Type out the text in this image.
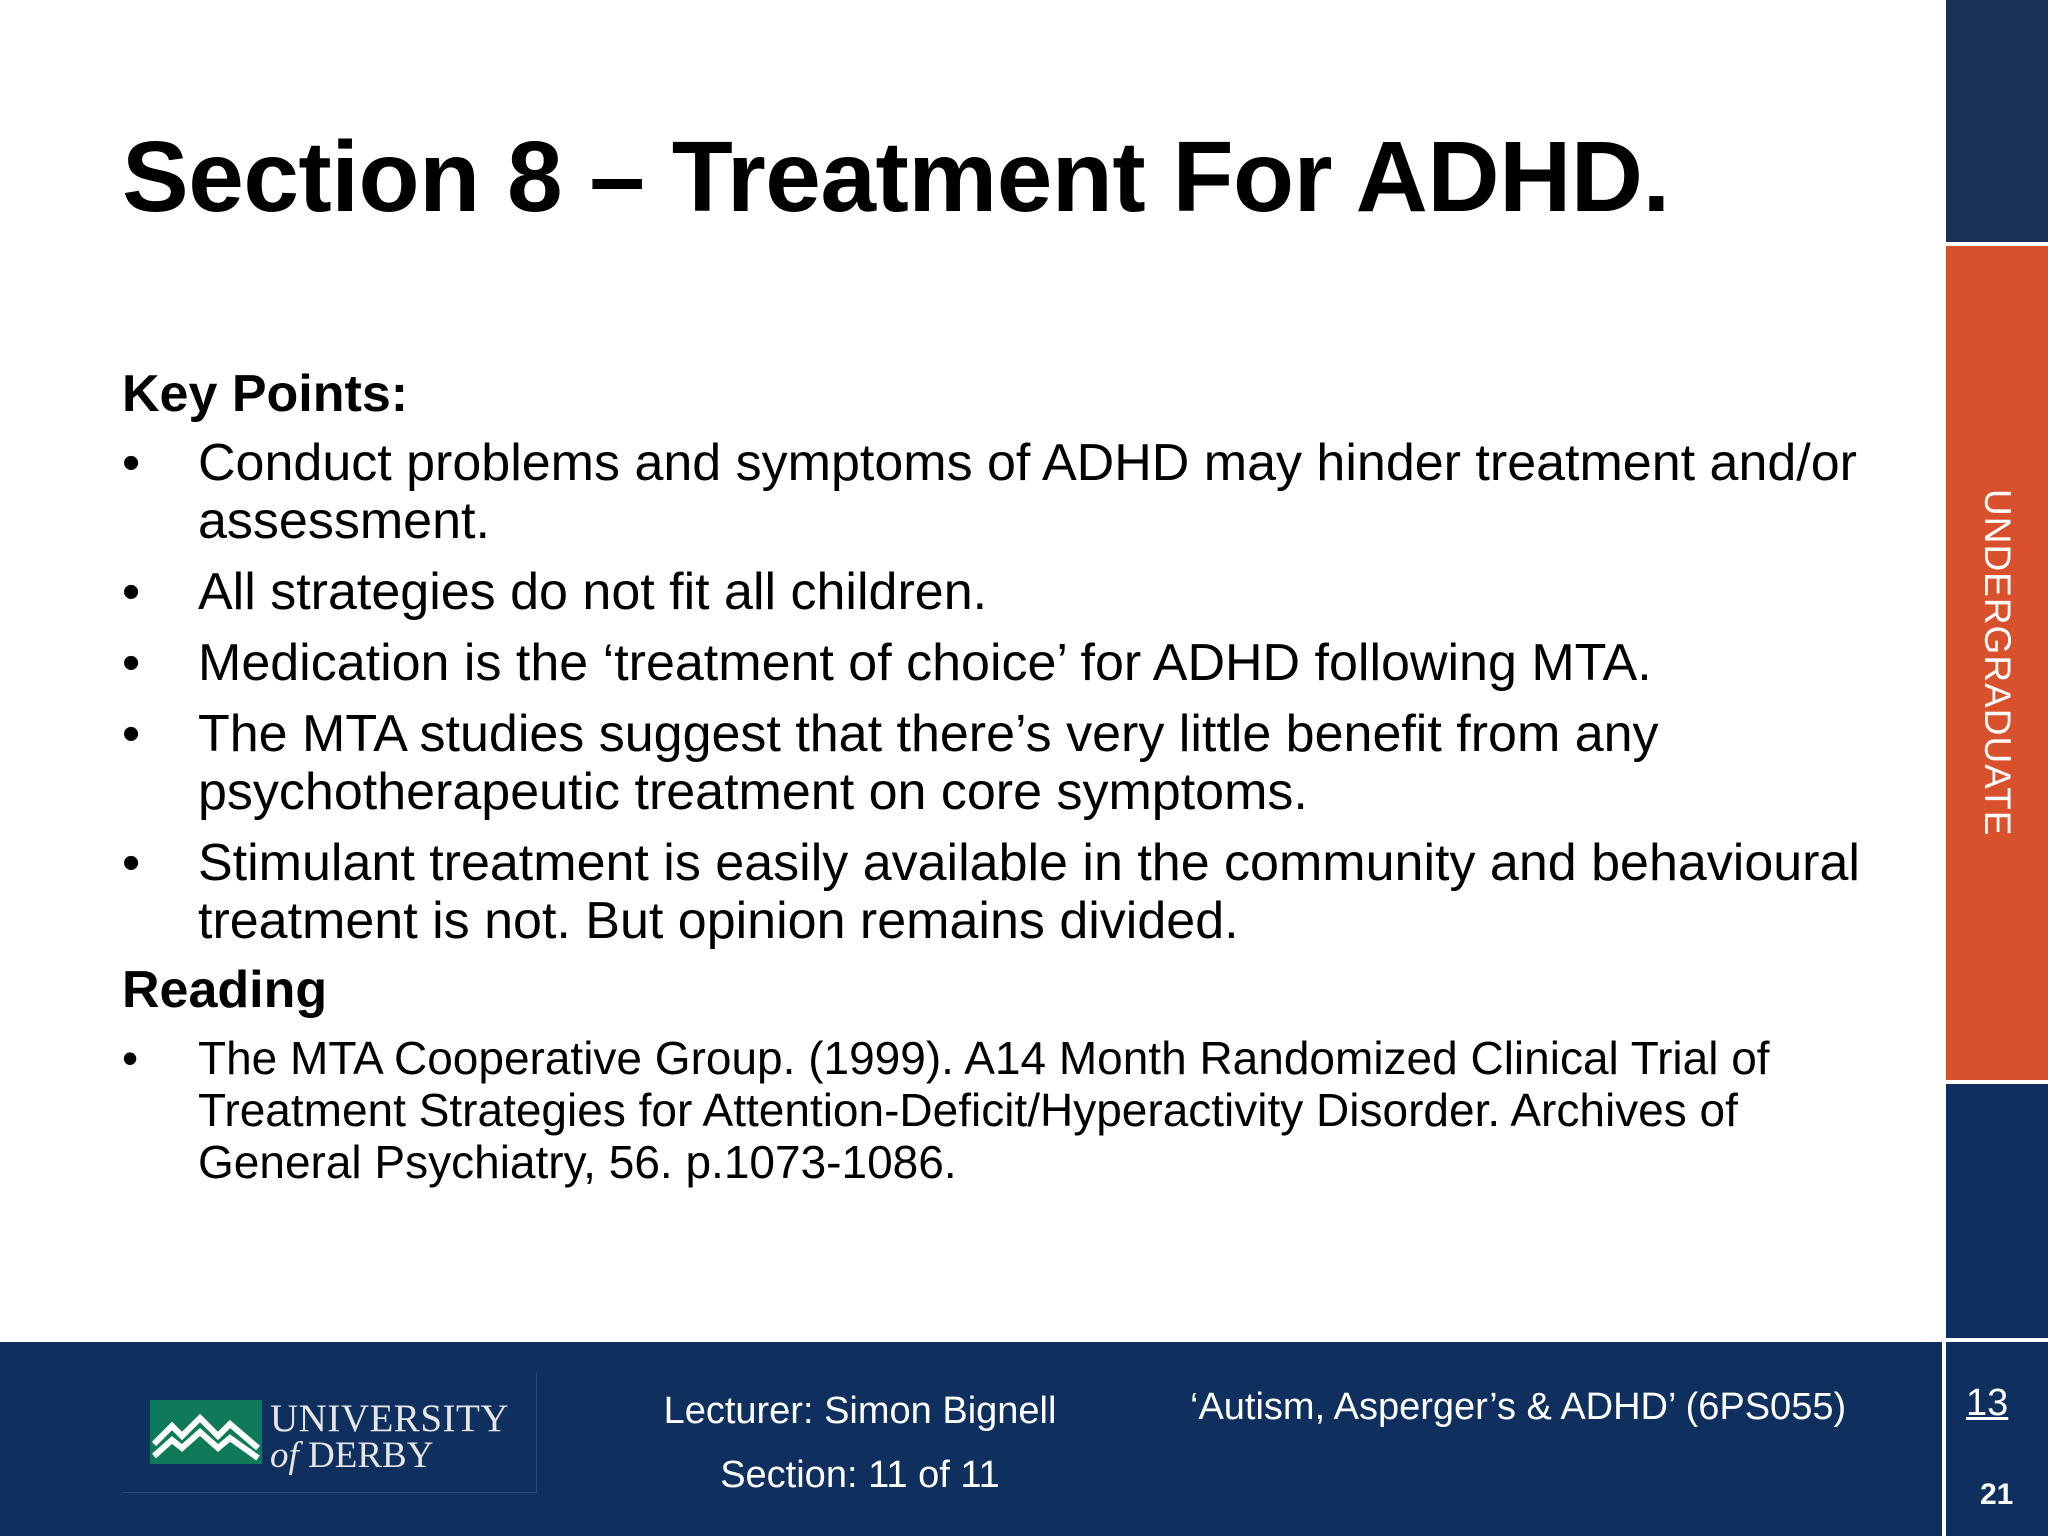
UNDERGRADUATE
Section 8 – Treatment For ADHD.

Key Points:

• Conduct problems and symptoms of ADHD may hinder treatment and/or assessment.
• All strategies do not fit all children.
• Medication is the ‘treatment of choice’ for ADHD following MTA.
• The MTA studies suggest that there’s very little benefit from any psychotherapeutic treatment on core symptoms.
• Stimulant treatment is easily available in the community and behavioural treatment is not. But opinion remains divided.

Reading

• The MTA Cooperative Group. (1999). A14 Month Randomized Clinical Trial of Treatment Strategies for Attention-Deficit/Hyperactivity Disorder. Archives of General Psychiatry, 56. p.1073-1086.
UNIVERSITY
of DERBY
Lecturer: Simon Bignell
Section: 11 of 11
‘Autism, Asperger’s & ADHD’ (6PS055)	13
21
